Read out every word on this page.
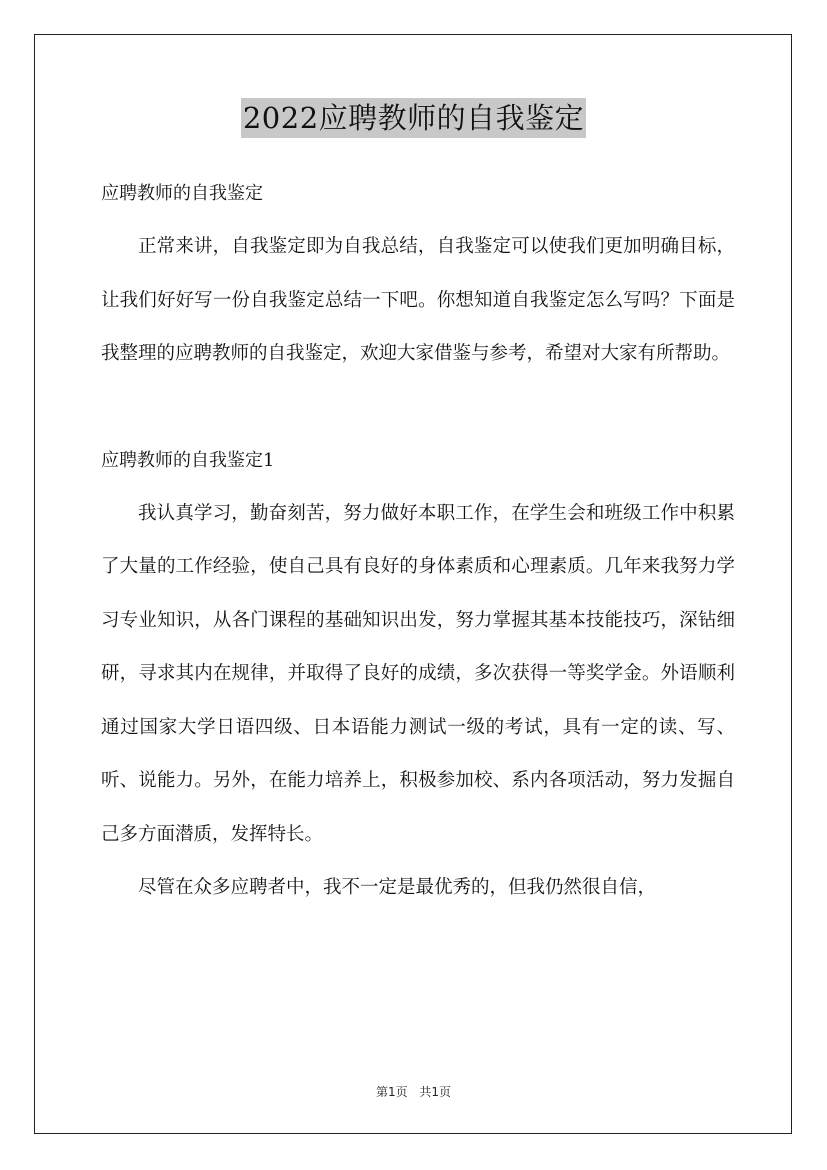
2022应聘教师的自我鉴定

应聘教师的自我鉴定

正常来讲，自我鉴定即为自我总结，自我鉴定可以使我们更加明确目标，让我们好好写一份自我鉴定总结一下吧。你想知道自我鉴定怎么写吗？下面是我整理的应聘教师的自我鉴定，欢迎大家借鉴与参考，希望对大家有所帮助。

应聘教师的自我鉴定1

我认真学习，勤奋刻苦，努力做好本职工作，在学生会和班级工作中积累了大量的工作经验，使自己具有良好的身体素质和心理素质。几年来我努力学习专业知识，从各门课程的基础知识出发，努力掌握其基本技能技巧，深钻细研，寻求其内在规律，并取得了良好的成绩，多次获得一等奖学金。外语顺利通过国家大学日语四级、日本语能力测试一级的考试，具有一定的读、写、听、说能力。另外，在能力培养上，积极参加校、系内各项活动，努力发掘自己多方面潜质，发挥特长。

尽管在众多应聘者中，我不一定是最优秀的，但我仍然很自信，

第1页 共1页
